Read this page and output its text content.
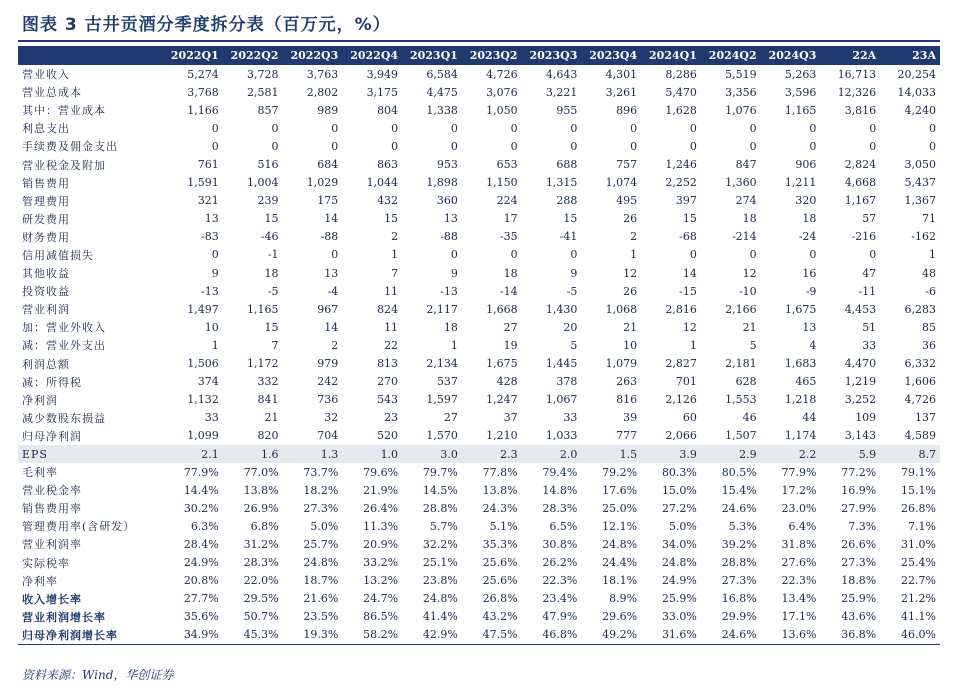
图表 3 古井贡酒分季度拆分表（百万元，%）
	2022Q1	2022Q2	2022Q3	2022Q4	2023Q1	2023Q2	2023Q3	2023Q4	2024Q1	2024Q2	2024Q3	22A	23A
营业收入	5,274	3,728	3,763	3,949	6,584	4,726	4,643	4,301	8,286	5,519	5,263	16,713	20,254
营业总成本	3,768	2,581	2,802	3,175	4,475	3,076	3,221	3,261	5,470	3,356	3,596	12,326	14,033
其中：营业成本	1,166	857	989	804	1,338	1,050	955	896	1,628	1,076	1,165	3,816	4,240
利息支出	0	0	0	0	0	0	0	0	0	0	0	0	0
手续费及佣金支出	0	0	0	0	0	0	0	0	0	0	0	0	0
营业税金及附加	761	516	684	863	953	653	688	757	1,246	847	906	2,824	3,050
销售费用	1,591	1,004	1,029	1,044	1,898	1,150	1,315	1,074	2,252	1,360	1,211	4,668	5,437
管理费用	321	239	175	432	360	224	288	495	397	274	320	1,167	1,367
研发费用	13	15	14	15	13	17	15	26	15	18	18	57	71
财务费用	-83	-46	-88	2	-88	-35	-41	2	-68	-214	-24	-216	-162
信用减值损失	0	-1	0	1	0	0	0	1	0	0	0	0	1
其他收益	9	18	13	7	9	18	9	12	14	12	16	47	48
投资收益	-13	-5	-4	11	-13	-14	-5	26	-15	-10	-9	-11	-6
营业利润	1,497	1,165	967	824	2,117	1,668	1,430	1,068	2,816	2,166	1,675	4,453	6,283
加：营业外收入	10	15	14	11	18	27	20	21	12	21	13	51	85
减：营业外支出	1	7	2	22	1	19	5	10	1	5	4	33	36
利润总额	1,506	1,172	979	813	2,134	1,675	1,445	1,079	2,827	2,181	1,683	4,470	6,332
减：所得税	374	332	242	270	537	428	378	263	701	628	465	1,219	1,606
净利润	1,132	841	736	543	1,597	1,247	1,067	816	2,126	1,553	1,218	3,252	4,726
减少数股东损益	33	21	32	23	27	37	33	39	60	46	44	109	137
归母净利润	1,099	820	704	520	1,570	1,210	1,033	777	2,066	1,507	1,174	3,143	4,589
EPS	2.1	1.6	1.3	1.0	3.0	2.3	2.0	1.5	3.9	2.9	2.2	5.9	8.7
毛利率	77.9%	77.0%	73.7%	79.6%	79.7%	77.8%	79.4%	79.2%	80.3%	80.5%	77.9%	77.2%	79.1%
营业税金率	14.4%	13.8%	18.2%	21.9%	14.5%	13.8%	14.8%	17.6%	15.0%	15.4%	17.2%	16.9%	15.1%
销售费用率	30.2%	26.9%	27.3%	26.4%	28.8%	24.3%	28.3%	25.0%	27.2%	24.6%	23.0%	27.9%	26.8%
管理费用率(含研发）	6.3%	6.8%	5.0%	11.3%	5.7%	5.1%	6.5%	12.1%	5.0%	5.3%	6.4%	7.3%	7.1%
营业利润率	28.4%	31.2%	25.7%	20.9%	32.2%	35.3%	30.8%	24.8%	34.0%	39.2%	31.8%	26.6%	31.0%
实际税率	24.9%	28.3%	24.8%	33.2%	25.1%	25.6%	26.2%	24.4%	24.8%	28.8%	27.6%	27.3%	25.4%
净利率	20.8%	22.0%	18.7%	13.2%	23.8%	25.6%	22.3%	18.1%	24.9%	27.3%	22.3%	18.8%	22.7%
收入增长率	27.7%	29.5%	21.6%	24.7%	24.8%	26.8%	23.4%	8.9%	25.9%	16.8%	13.4%	25.9%	21.2%
营业利润增长率	35.6%	50.7%	23.5%	86.5%	41.4%	43.2%	47.9%	29.6%	33.0%	29.9%	17.1%	43.6%	41.1%
归母净利润增长率	34.9%	45.3%	19.3%	58.2%	42.9%	47.5%	46.8%	49.2%	31.6%	24.6%	13.6%	36.8%	46.0%
资料来源：Wind，华创证券
